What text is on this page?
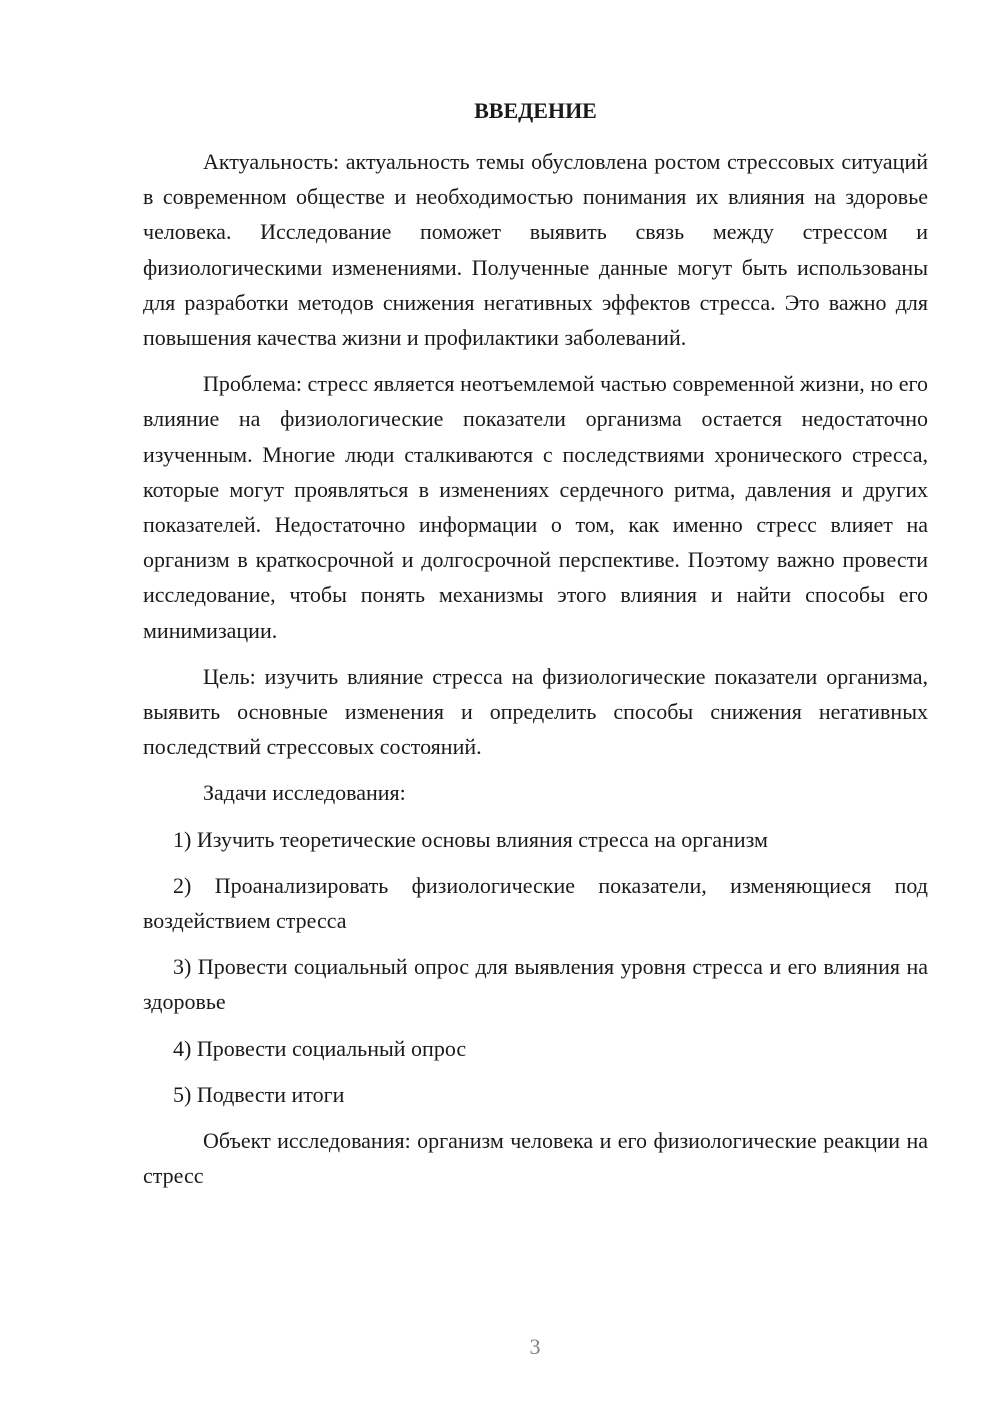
ВВЕДЕНИЕ

Актуальность: актуальность темы обусловлена ростом стрессовых ситуаций в современном обществе и необходимостью понимания их влияния на здоровье человека. Исследование поможет выявить связь между стрессом и физиологическими изменениями. Полученные данные могут быть использованы для разработки методов снижения негативных эффектов стресса. Это важно для повышения качества жизни и профилактики заболеваний.

Проблема: стресс является неотъемлемой частью современной жизни, но его влияние на физиологические показатели организма остается недостаточно изученным. Многие люди сталкиваются с последствиями хронического стресса, которые могут проявляться в изменениях сердечного ритма, давления и других показателей. Недостаточно информации о том, как именно стресс влияет на организм в краткосрочной и долгосрочной перспективе. Поэтому важно провести исследование, чтобы понять механизмы этого влияния и найти способы его минимизации.

Цель: изучить влияние стресса на физиологические показатели организма, выявить основные изменения и определить способы снижения негативных последствий стрессовых состояний.

Задачи исследования:

1) Изучить теоретические основы влияния стресса на организм

2) Проанализировать физиологические показатели, изменяющиеся под воздействием стресса

3) Провести социальный опрос для выявления уровня стресса и его влияния на здоровье

4) Провести социальный опрос

5) Подвести итоги

Объект исследования: организм человека и его физиологические реакции на стресс

3
